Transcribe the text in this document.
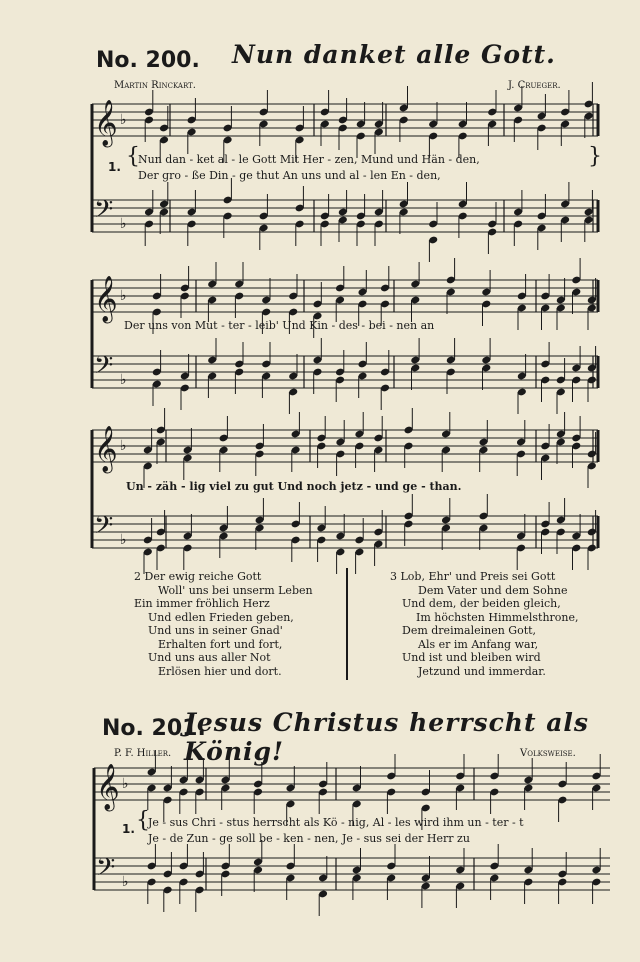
𝄞 ♭
𝄢 ♭
𝄞 ♭
𝄢 ♭
𝄞 ♭
𝄢 ♭
𝄞 ♭
𝄢 ♭
No. 200. Nun danket alle Gott.
Martin Rinckart.	J. Crueger.
1. {
Nun dan - ket al - le Gott Mit Her - zen, Mund und Hän - den,
Der gro - ße Din - ge thut An uns und al - len En - den,
}
Der uns von Mut - ter - leib' Und Kin - des - bei - nen an
Un - zäh - lig viel zu gut Und noch jetz - und ge - than.
2 Der ewig reiche Gott
Woll' uns bei unserm Leben
Ein immer fröhlich Herz
Und edlen Frieden geben,
Und uns in seiner Gnad'
Erhalten fort und fort,
Und uns aus aller Not
Erlösen hier und dort.
3 Lob, Ehr' und Preis sei Gott
Dem Vater und dem Sohne
Und dem, der beiden gleich,
Im höchsten Himmelsthrone,
Dem dreimaleinen Gott,
Als er im Anfang war,
Und ist und bleiben wird
Jetzund und immerdar.
No. 201.
Jesus Christus herrscht als König!
P. F. Hiller.	Volksweise.
1. {
Je - sus Chri - stus herrscht als Kö - nig, Al - les wird ihm un - ter - t
Je - de Zun - ge soll be - ken - nen, Je - sus sei der Herr zu
